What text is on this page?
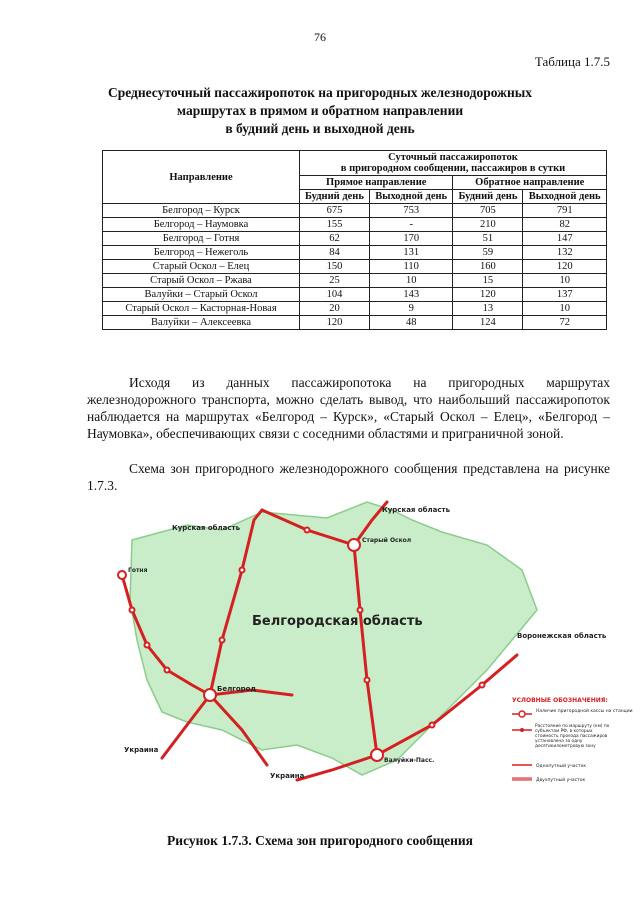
76
Таблица 1.7.5
Среднесуточный пассажиропоток на пригородных железнодорожных
маршрутах в прямом и обратном направлении
в будний день и выходной день
Направление	Суточный пассажиропоток
в пригородном сообщении, пассажиров в сутки			

	Прямое направление		Обратное направление	
	Будний день	Выходной день	Будний день	Выходной день
Белгород – Курск	675	753	705	791
Белгород – Наумовка	155	-	210	82
Белгород – Готня	62	170	51	147
Белгород – Нежеголь	84	131	59	132
Старый Оскол – Елец	150	110	160	120
Старый Оскол – Ржава	25	10	15	10
Валуйки – Старый Оскол	104	143	120	137
Старый Оскол – Касторная-Новая	20	9	13	10
Валуйки – Алексеевка	120	48	124	72
Исходя из данных пассажиропотока на пригородных маршрутах железнодорожного транспорта, можно сделать вывод, что наибольший пассажиропоток наблюдается на маршрутах «Белгород – Курск», «Старый Оскол – Елец», «Белгород – Наумовка», обеспечивающих связи с соседними областями и приграничной зоной.
Схема зон пригородного железнодорожного сообщения представлена на рисунке 1.7.3.
Белгородская область
Курская область
Курская область
Воронежская область
Украина
Украина
Белгород
Старый Оскол
Валуйки-Пасс.
Готня
УСЛОВНЫЕ ОБОЗНАЧЕНИЯ:
Наличие пригородной кассы на станции
Расстояние по маршруту (км) по субъектам РФ, в которых стоимость проезда пассажиров установлена за одну десятикилометровую зону
Однопутный участок
Двухпутный участок
Рисунок 1.7.3. Схема зон пригородного сообщения
